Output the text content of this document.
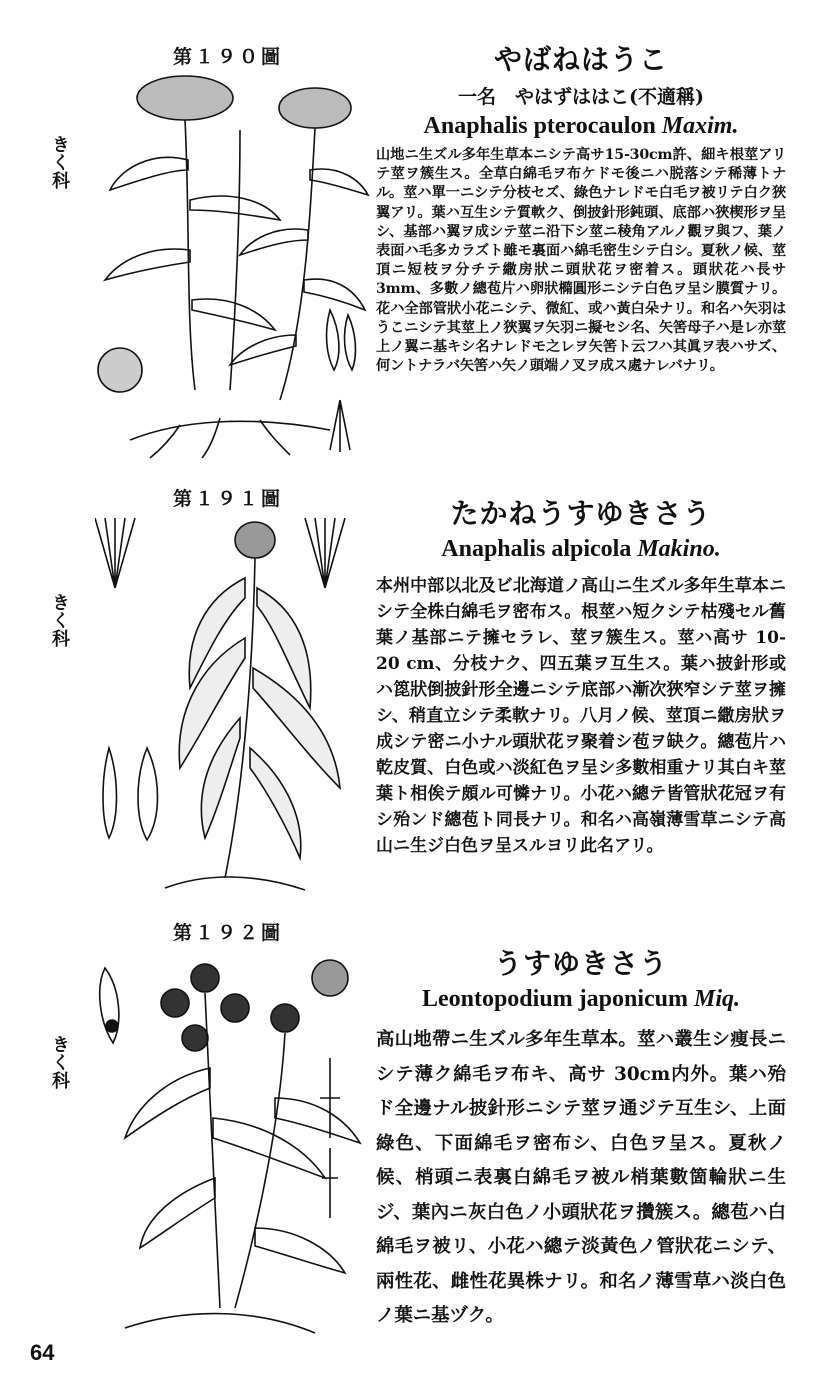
第１９０圖
きく科
やばねはうこ
一名　やはずははこ(不適稱)
Anaphalis pterocaulon Maxim.
山地ニ生ズル多年生草本ニシテ高サ15-30cm許、細キ根莖アリテ莖ヲ簇生ス。全草白綿毛ヲ布ケドモ後ニハ脱落シテ稀薄トナル。莖ハ單一ニシテ分枝セズ、綠色ナレドモ白毛ヲ被リテ白ク狹翼アリ。葉ハ互生シテ質軟ク、倒披針形鈍頭、底部ハ狹楔形ヲ呈シ、基部ハ翼ヲ成シテ莖ニ沿下シ莖ニ稜角アルノ觀ヲ與フ、葉ノ表面ハ毛多カラズト雖モ裏面ハ綿毛密生シテ白シ。夏秋ノ候、莖頂ニ短枝ヲ分チテ繖房狀ニ頭狀花ヲ密着ス。頭狀花ハ長サ3mm、多數ノ總苞片ハ卵狀橢圓形ニシテ白色ヲ呈シ膜質ナリ。花ハ全部管狀小花ニシテ、微紅、或ハ黃白朵ナリ。和名ハ矢羽はうこニシテ其莖上ノ狹翼ヲ矢羽ニ擬セシ名、矢筈母子ハ是レ亦莖上ノ翼ニ基キシ名ナレドモ之レヲ矢筈ト云フハ其眞ヲ表ハサズ、何ントナラバ矢筈ハ矢ノ頭端ノ叉ヲ成ス處ナレバナリ。
第１９１圖
きく科
たかねうすゆきさう
Anaphalis alpicola Makino.
本州中部以北及ビ北海道ノ高山ニ生ズル多年生草本ニシテ全株白綿毛ヲ密布ス。根莖ハ短クシテ枯殘セル舊葉ノ基部ニテ擁セラレ、莖ヲ簇生ス。莖ハ高サ 10-20 cm、分枝ナク、四五葉ヲ互生ス。葉ハ披針形或ハ箆狀倒披針形全邊ニシテ底部ハ漸次狹窄シテ莖ヲ擁シ、稍直立シテ柔軟ナリ。八月ノ候、莖頂ニ繖房狀ヲ成シテ密ニ小ナル頭狀花ヲ聚着シ苞ヲ缺ク。總苞片ハ乾皮質、白色或ハ淡紅色ヲ呈シ多數相重ナリ其白キ莖葉ト相俟テ頗ル可憐ナリ。小花ハ總テ皆管狀花冠ヲ有シ殆ンド總苞ト同長ナリ。和名ハ高嶺薄雪草ニシテ高山ニ生ジ白色ヲ呈スルヨリ此名アリ。
第１９２圖
きく科
うすゆきさう
Leontopodium japonicum Miq.
高山地帶ニ生ズル多年生草本。莖ハ叢生シ痩長ニシテ薄ク綿毛ヲ布キ、高サ 30cm内外。葉ハ殆ド全邊ナル披針形ニシテ莖ヲ通ジテ互生シ、上面綠色、下面綿毛ヲ密布シ、白色ヲ呈ス。夏秋ノ候、梢頭ニ表裏白綿毛ヲ被ル梢葉數箇輪狀ニ生ジ、葉內ニ灰白色ノ小頭狀花ヲ攢簇ス。總苞ハ白綿毛ヲ被リ、小花ハ總テ淡黃色ノ管狀花ニシテ、兩性花、雌性花異株ナリ。和名ノ薄雪草ハ淡白色ノ葉ニ基ヅク。
64
